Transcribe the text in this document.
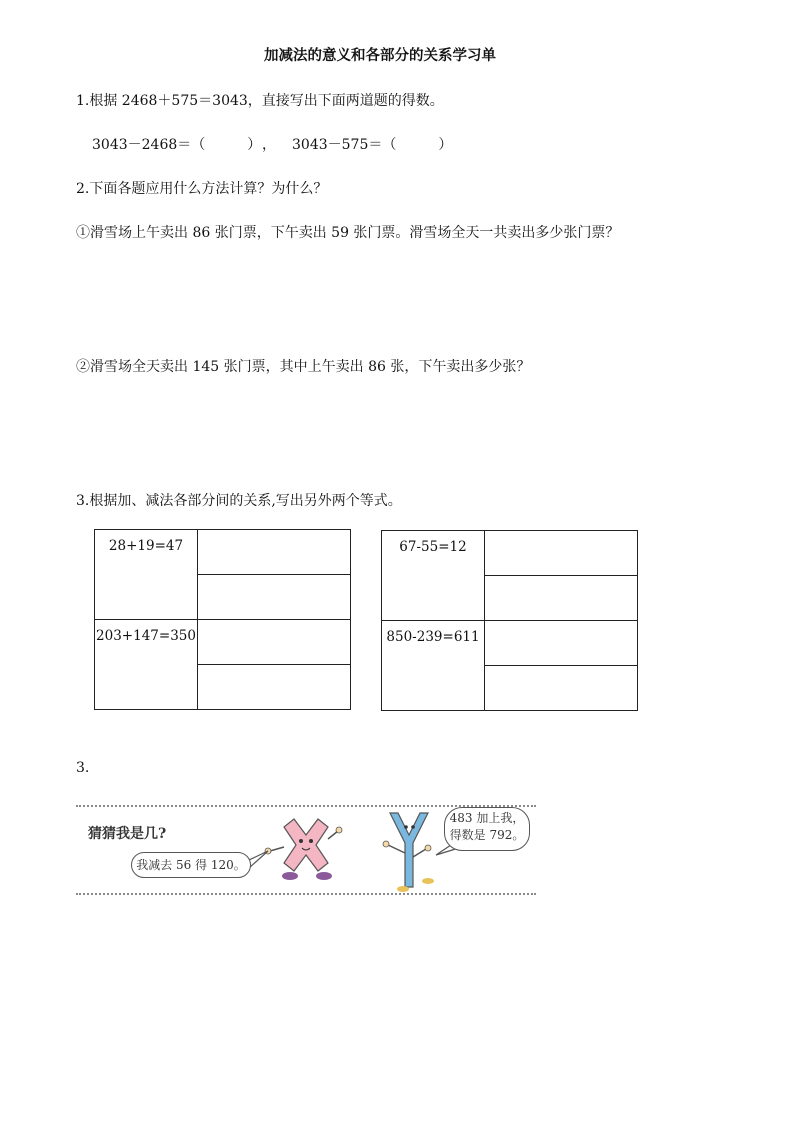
加减法的意义和各部分的关系学习单
1.根据 2468＋575＝3043，直接写出下面两道题的得数。
3043－2468＝（　　　） ， 3043－575＝（　　　）
2.下面各题应用什么方法计算？为什么？
①滑雪场上午卖出 86 张门票，下午卖出 59 张门票。滑雪场全天一共卖出多少张门票？
②滑雪场全天卖出 145 张门票，其中上午卖出 86 张，下午卖出多少张？
3.根据加、减法各部分间的关系,写出另外两个等式。
28+19=47	

203+147=350	

67-55=12	

850-239=611	

3.
猜猜我是几?
我减去 56 得 120。
483 加上我，
得数是 792。
